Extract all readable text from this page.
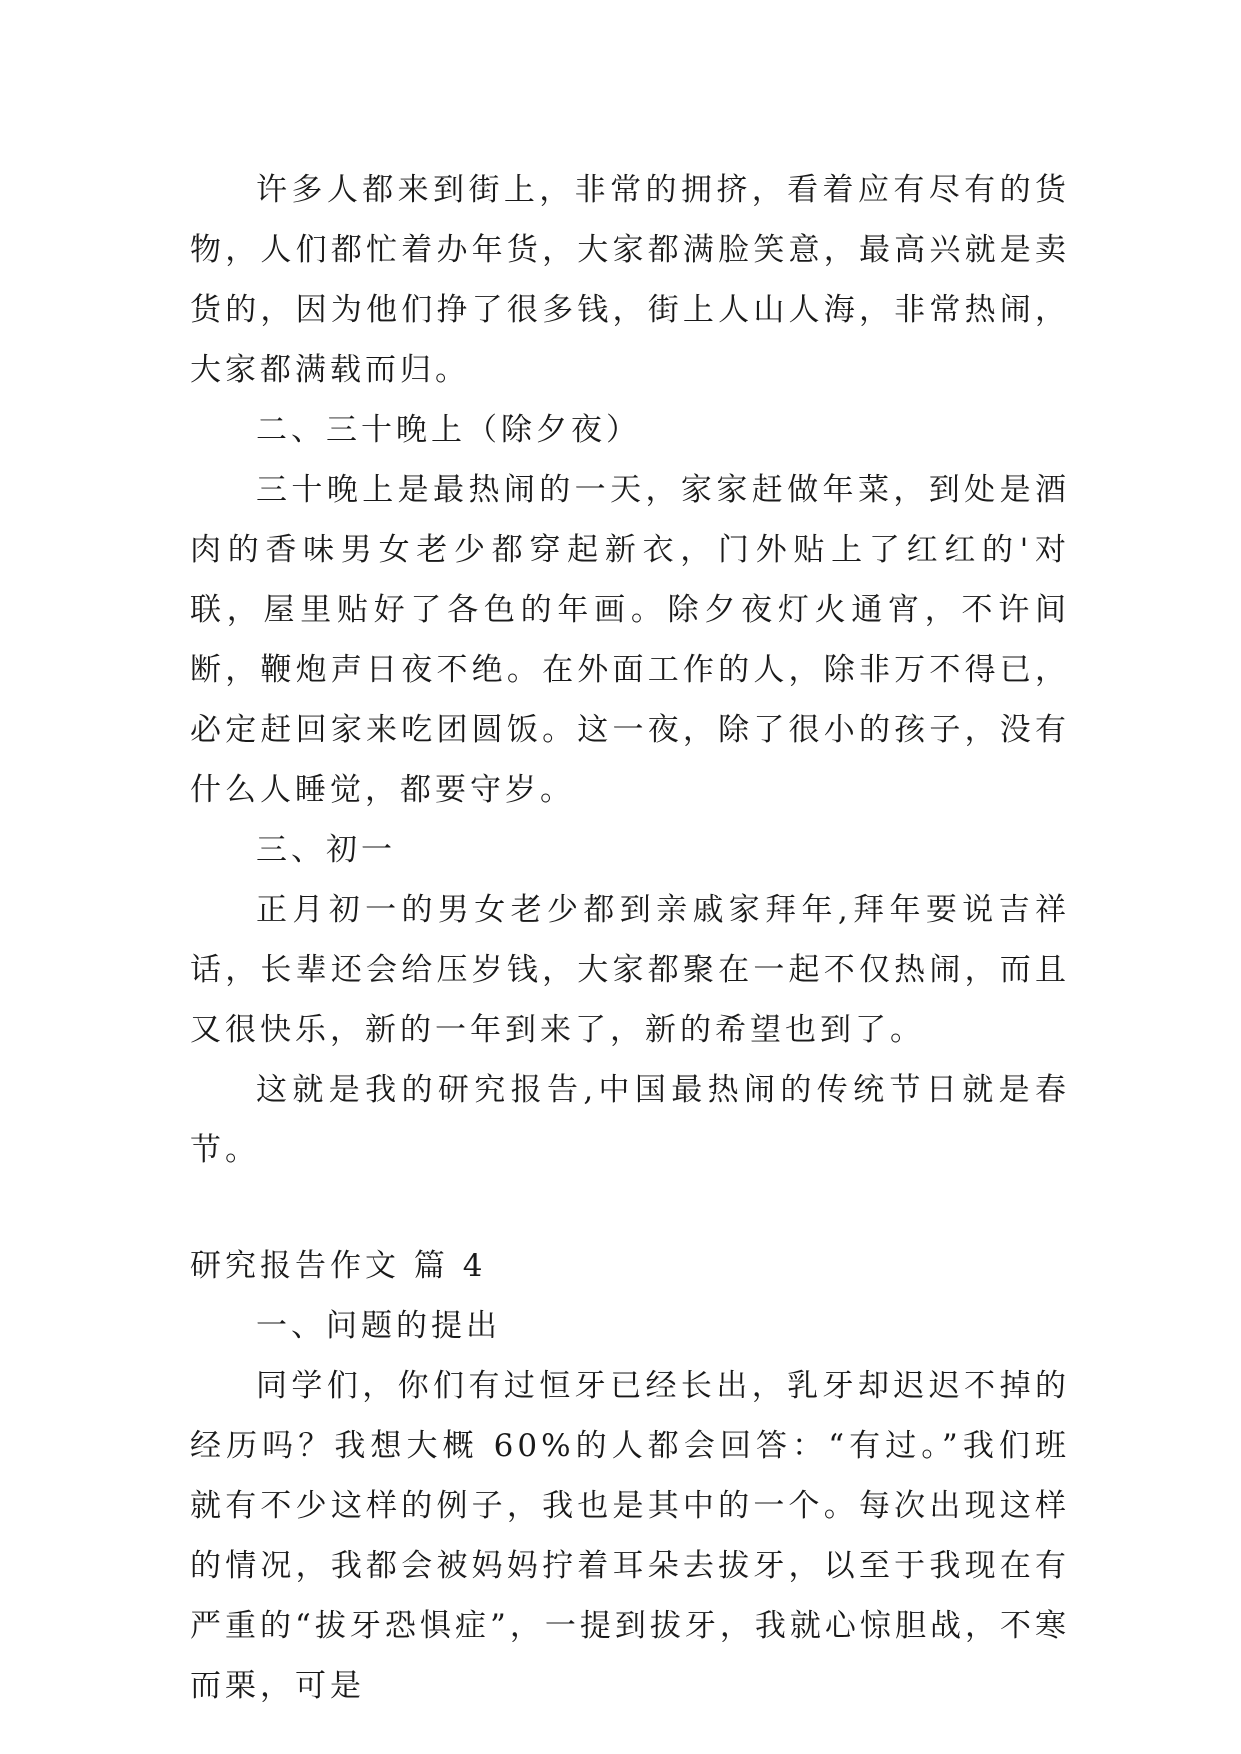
许多人都来到街上，非常的拥挤，看着应有尽有的货物，人们都忙着办年货，大家都满脸笑意，最高兴就是卖货的，因为他们挣了很多钱，街上人山人海，非常热闹，大家都满载而归。

二、三十晚上（除夕夜）

三十晚上是最热闹的一天，家家赶做年菜，到处是酒肉的香味男女老少都穿起新衣，门外贴上了红红的'对联，屋里贴好了各色的年画。除夕夜灯火通宵，不许间断，鞭炮声日夜不绝。在外面工作的人，除非万不得已，必定赶回家来吃团圆饭。这一夜，除了很小的孩子，没有什么人睡觉，都要守岁。

三、初一

正月初一的男女老少都到亲戚家拜年,拜年要说吉祥话，长辈还会给压岁钱，大家都聚在一起不仅热闹，而且又很快乐，新的一年到来了，新的希望也到了。

这就是我的研究报告,中国最热闹的传统节日就是春节。

研究报告作文 篇 4

一、问题的提出

同学们，你们有过恒牙已经长出，乳牙却迟迟不掉的经历吗？我想大概 60%的人都会回答：“有过。”我们班就有不少这样的例子，我也是其中的一个。每次出现这样的情况，我都会被妈妈拧着耳朵去拔牙，以至于我现在有严重的“拔牙恐惧症”，一提到拔牙，我就心惊胆战，不寒而栗，可是
